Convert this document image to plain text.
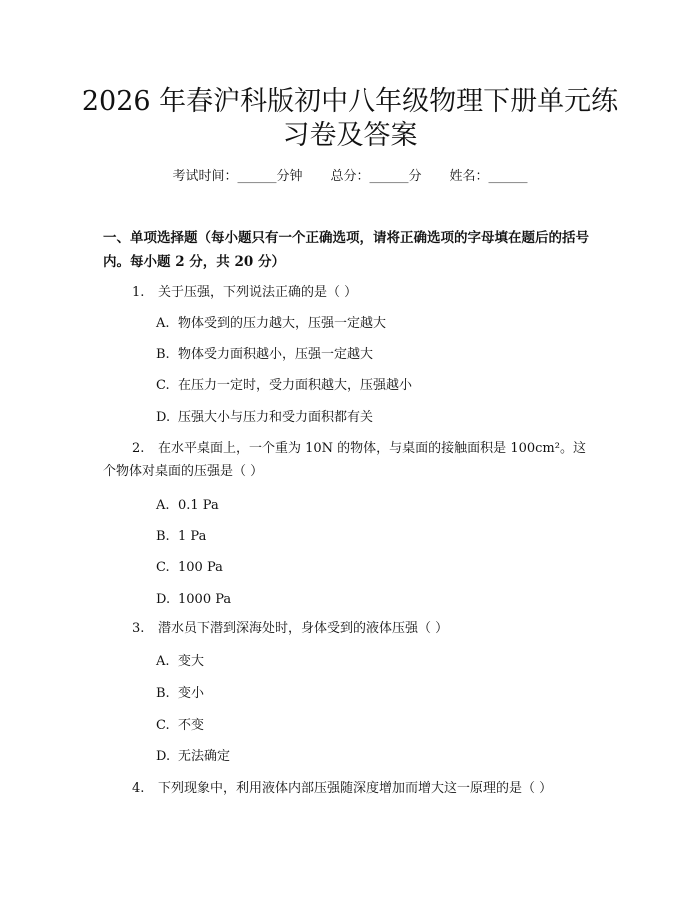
2026 年春沪科版初中八年级物理下册单元练
习卷及答案
考试时间：______分钟 总分：______分 姓名：______

一、单项选择题（每小题只有一个正确选项，请将正确选项的字母填在题后的括号内。每小题 2 分，共 20 分）

1. 关于压强，下列说法正确的是（ ）
A. 物体受到的压力越大，压强一定越大
B. 物体受力面积越小，压强一定越大
C. 在压力一定时，受力面积越大，压强越小
D. 压强大小与压力和受力面积都有关
2. 在水平桌面上，一个重为 10N 的物体，与桌面的接触面积是 100cm²。这
个物体对桌面的压强是（ ）
A. 0.1 Pa
B. 1 Pa
C. 100 Pa
D. 1000 Pa
3. 潜水员下潜到深海处时，身体受到的液体压强（ ）
A. 变大
B. 变小
C. 不变
D. 无法确定
4. 下列现象中，利用液体内部压强随深度增加而增大这一原理的是（ ）
